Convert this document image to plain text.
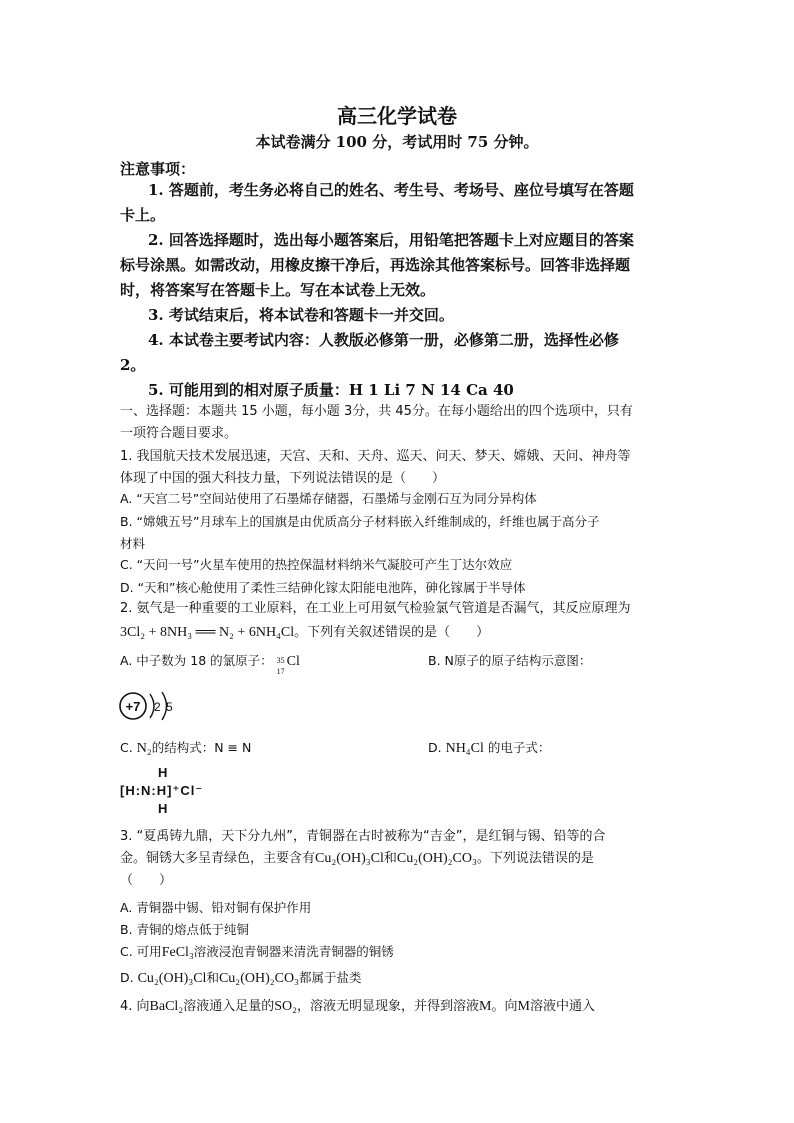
高三化学试卷
本试卷满分 100 分，考试用时 75 分钟。
注意事项：
1. 答题前，考生务必将自己的姓名、考生号、考场号、座位号填写在答题
卡上。
2. 回答选择题时，选出每小题答案后，用铅笔把答题卡上对应题目的答案
标号涂黑。如需改动，用橡皮擦干净后，再选涂其他答案标号。回答非选择题
时，将答案写在答题卡上。写在本试卷上无效。
3. 考试结束后，将本试卷和答题卡一并交回。
4. 本试卷主要考试内容：人教版必修第一册，必修第二册，选择性必修
2。
5. 可能用到的相对原子质量：H 1 Li 7 N 14 Ca 40
一、选择题：本题共 15 小题，每小题 3分，共 45分。在每小题给出的四个选项中，只有
一项符合题目要求。
1. 我国航天技术发展迅速，天宫、天和、天舟、巡天、问天、梦天、嫦娥、天问、神舟等
体现了中国的强大科技力量，下列说法错误的是（　　）
A. “天宫二号”空间站使用了石墨烯存储器，石墨烯与金刚石互为同分异构体
B. “嫦娥五号”月球车上的国旗是由优质高分子材料嵌入纤维制成的，纤维也属于高分子
材料
C. “天问一号”火星车使用的热控保温材料纳米气凝胶可产生丁达尔效应
D. “天和”核心舱使用了柔性三结砷化镓太阳能电池阵，砷化镓属于半导体
2. 氨气是一种重要的工业原料，在工业上可用氨气检验氯气管道是否漏气，其反应原理为
3Cl₂ + 8NH₃ ══ N₂ + 6NH₄Cl。下列有关叙述错误的是（　　）
A. 中子数为 18 的氯原子： 35
17
Cl	B. N原子的原子结构示意图：
+7 2 5
C. N₂的结构式：N ≡ N	D. NH₄Cl 的电子式：
H
[H:N:H]⁺Cl⁻
H
3. “夏禹铸九鼎，天下分九州”，青铜器在古时被称为“吉金”，是红铜与锡、铅等的合
金。铜锈大多呈青绿色，主要含有Cu₂(OH)₃Cl和Cu₂(OH)₂CO₃。下列说法错误的是
（　　）
A. 青铜器中锡、铅对铜有保护作用
B. 青铜的熔点低于纯铜
C. 可用FeCl₃溶液浸泡青铜器来清洗青铜器的铜锈
D. Cu₂(OH)₃Cl和Cu₂(OH)₂CO₃都属于盐类
4. 向BaCl₂溶液通入足量的SO₂，溶液无明显现象，并得到溶液M。向M溶液中通入
